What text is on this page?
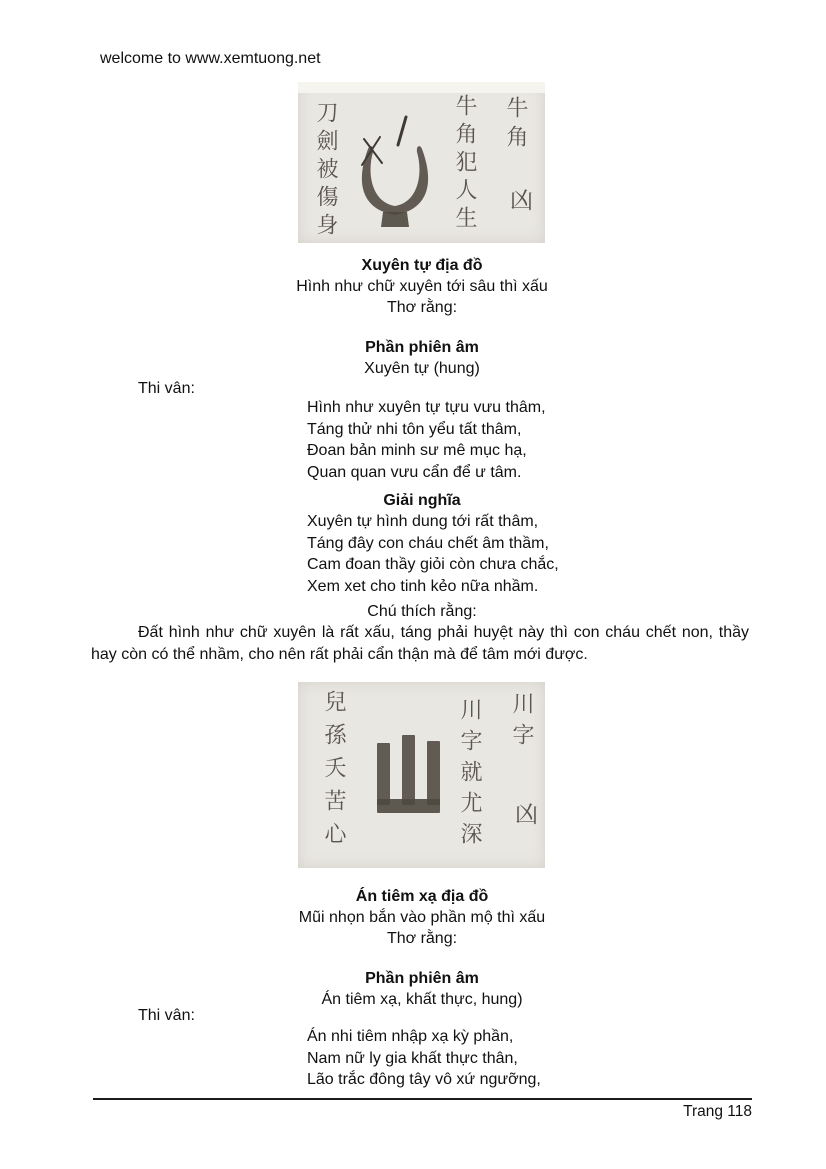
welcome to www.xemtuong.net
牛角
凶
牛角犯人生
刀劍被傷身
Xuyên tự địa đồ
Hình như chữ xuyên tới sâu thì xấu
Thơ rằng:
Phần phiên âm
Xuyên tự (hung)
Thi vân:
Hình như xuyên tự tựu vưu thâm,
Táng thử nhi tôn yểu tất thâm,
Đoan bản minh sư mê mục hạ,
Quan quan vưu cẩn để ư tâm.
Giải nghĩa
Xuyên tự hình dung tới rất thâm,
Táng đây con cháu chết âm thầm,
Cam đoan thầy giỏi còn chưa chắc,
Xem xet cho tinh kẻo nữa nhầm.
Chú thích rằng:
Đất hình như chữ xuyên là rất xấu, táng phải huyệt này thì con cháu chết non, thầy hay còn có thể nhầm, cho nên rất phải cẩn thận mà để tâm mới được.
川字
凶
川字就尤深
兒孫夭苦心
Án tiêm xạ địa đồ
Mũi nhọn bắn vào phần mộ thì xấu
Thơ rằng:
Phần phiên âm
Án tiêm xạ, khất thực, hung)
Thi vân:
Án nhi tiêm nhập xạ kỳ phần,
Nam nữ ly gia khất thực thân,
Lão trắc đông tây vô xứ ngưỡng,
Trang 118
